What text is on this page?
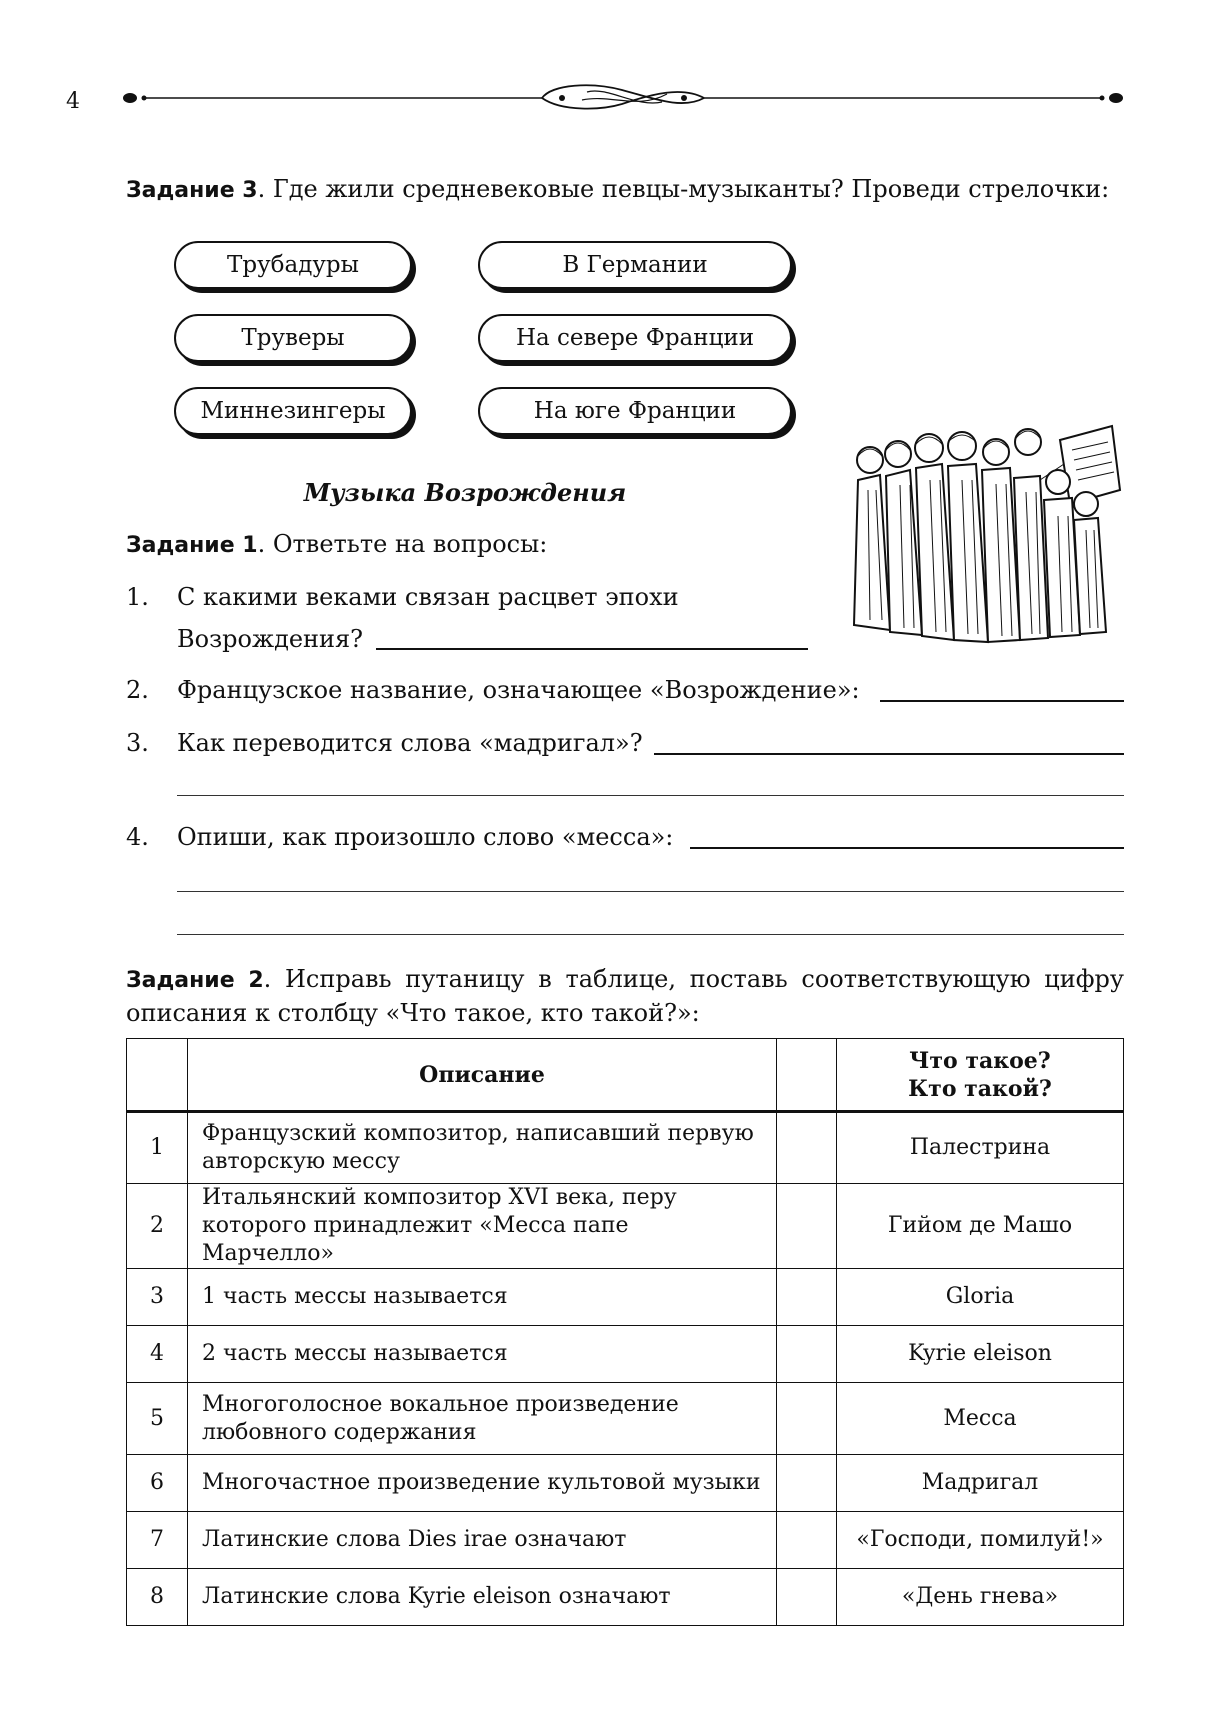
4
Задание 3. Где жили средневековые певцы-музыканты? Проведи стрелочки:
Трубадуры
Труверы
Миннезингеры
В Германии
На севере Франции
На юге Франции
Музыка Возрождения
Задание 1. Ответьте на вопросы:
1. С какими веками связан расцвет эпохи
Возрождения?
2. Французское название, означающее «Возрождение»:
3. Как переводится слова «мадригал»?
4. Опиши, как произошло слово «месса»:
Задание 2. Исправь путаницу в таблице, поставь соответствующую цифру описания к столбцу «Что такое, кто такой?»:
	Описание		Что такое?
Кто такой?

1	Французский композитор, написавший первую авторскую мессу		Палестрина
2	Итальянский композитор XVI века, перу которого принадлежит «Месса папе Марчелло»		Гийом де Машо
3	1 часть мессы называется		Gloria
4	2 часть мессы называется		Kyrie eleison
5	Многоголосное вокальное произведение любовного содержания		Месса
6	Многочастное произведение культовой музыки		Мадригал
7	Латинские слова Dies irae означают		«Господи, помилуй!»
8	Латинские слова Kyrie eleison означают		«День гнева»
